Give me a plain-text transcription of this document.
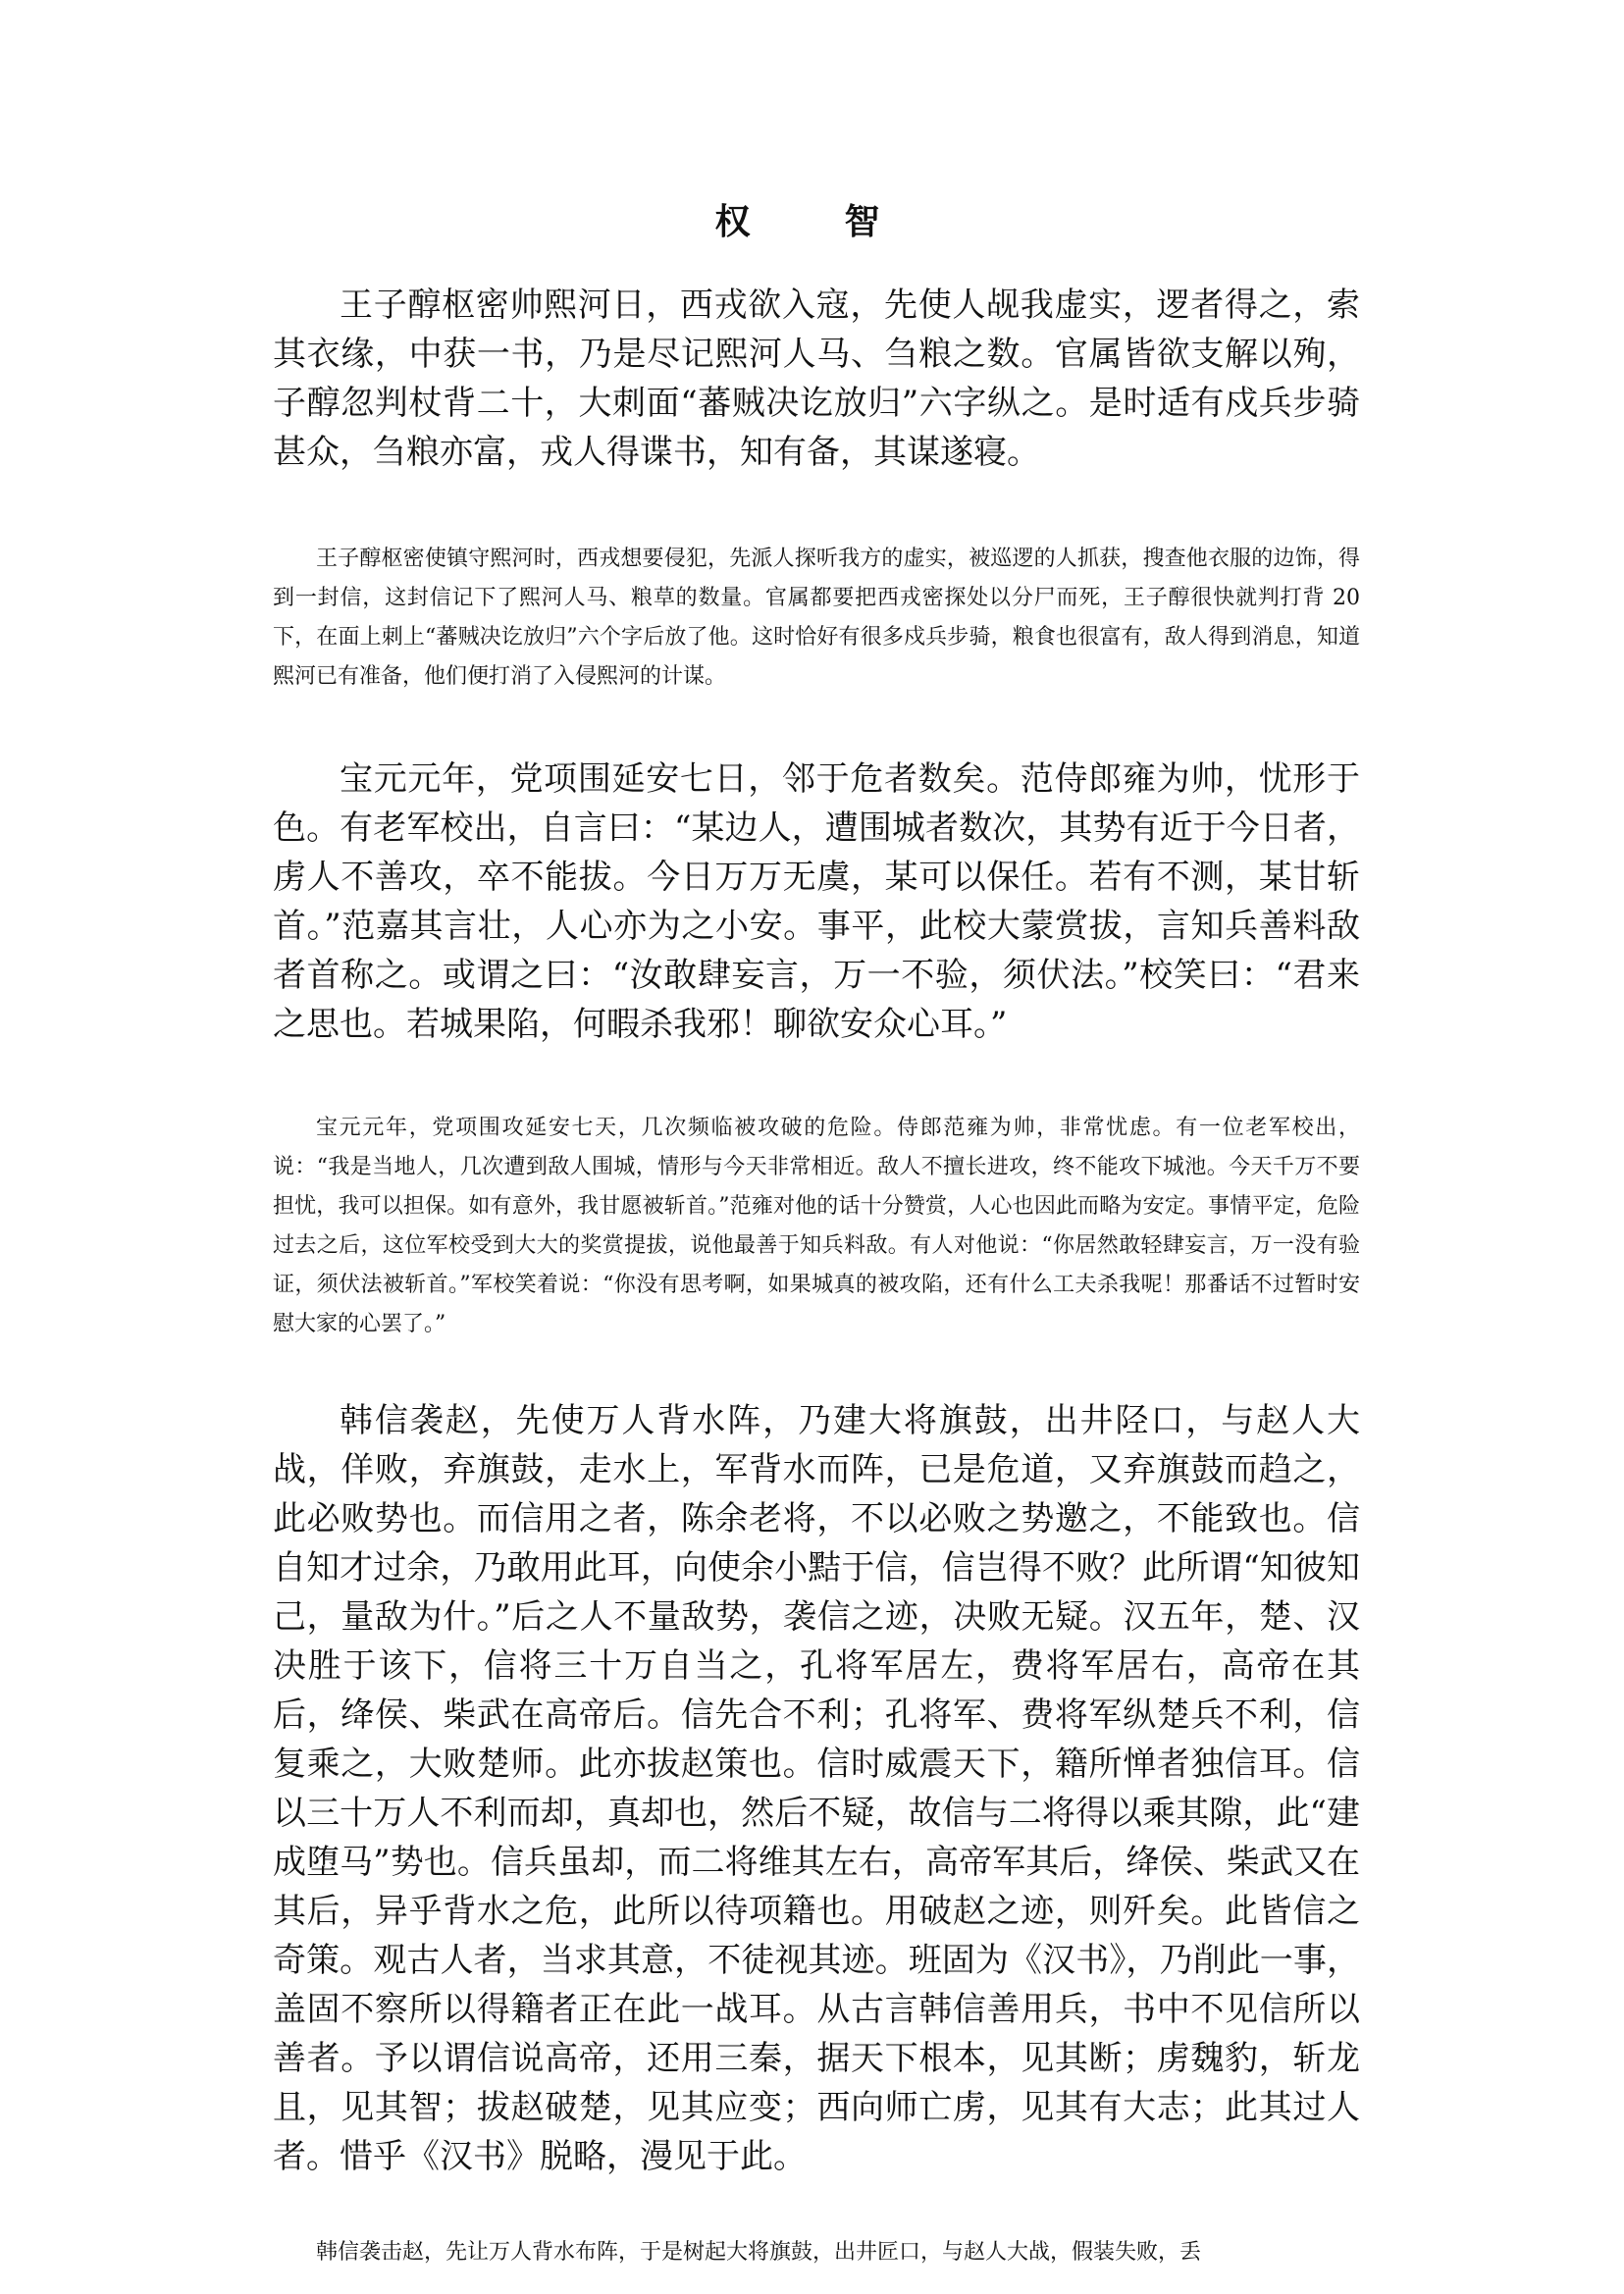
权　智

王子醇枢密帅熙河日，西戎欲入寇，先使人觇我虚实，逻者得之，索其衣缘，中获一书，乃是尽记熙河人马、刍粮之数。官属皆欲支解以殉，子醇忽判杖背二十，大刺面“蕃贼决讫放归”六字纵之。是时适有戍兵步骑甚众，刍粮亦富，戎人得谍书，知有备，其谋遂寝。

王子醇枢密使镇守熙河时，西戎想要侵犯，先派人探听我方的虚实，被巡逻的人抓获，搜查他衣服的边饰，得到一封信，这封信记下了熙河人马、粮草的数量。官属都要把西戎密探处以分尸而死，王子醇很快就判打背 20 下，在面上刺上“蕃贼决讫放归”六个字后放了他。这时恰好有很多戍兵步骑，粮食也很富有，敌人得到消息，知道熙河已有准备，他们便打消了入侵熙河的计谋。

宝元元年，党项围延安七日，邻于危者数矣。范侍郎雍为帅，忧形于色。有老军校出，自言曰：“某边人，遭围城者数次，其势有近于今日者，虏人不善攻，卒不能拔。今日万万无虞，某可以保任。若有不测，某甘斩首。”范嘉其言壮，人心亦为之小安。事平，此校大蒙赏拔，言知兵善料敌者首称之。或谓之曰：“汝敢肆妄言，万一不验，须伏法。”校笑曰：“君来之思也。若城果陷，何暇杀我邪！聊欲安众心耳。”

宝元元年，党项围攻延安七天，几次频临被攻破的危险。侍郎范雍为帅，非常忧虑。有一位老军校出，说：“我是当地人，几次遭到敌人围城，情形与今天非常相近。敌人不擅长进攻，终不能攻下城池。今天千万不要担忧，我可以担保。如有意外，我甘愿被斩首。”范雍对他的话十分赞赏，人心也因此而略为安定。事情平定，危险过去之后，这位军校受到大大的奖赏提拔，说他最善于知兵料敌。有人对他说：“你居然敢轻肆妄言，万一没有验证，须伏法被斩首。”军校笑着说：“你没有思考啊，如果城真的被攻陷，还有什么工夫杀我呢！那番话不过暂时安慰大家的心罢了。”

韩信袭赵，先使万人背水阵，乃建大将旗鼓，出井陉口，与赵人大战，佯败，弃旗鼓，走水上，军背水而阵，已是危道，又弃旗鼓而趋之，此必败势也。而信用之者，陈余老将，不以必败之势邀之，不能致也。信自知才过余，乃敢用此耳，向使余小黠于信，信岂得不败？此所谓“知彼知己，量敌为什。”后之人不量敌势，袭信之迹，决败无疑。汉五年，楚、汉决胜于该下，信将三十万自当之，孔将军居左，费将军居右，高帝在其后，绛侯、柴武在高帝后。信先合不利；孔将军、费将军纵楚兵不利，信复乘之，大败楚师。此亦拔赵策也。信时威震天下，籍所惮者独信耳。信以三十万人不利而却，真却也，然后不疑，故信与二将得以乘其隙，此“建成堕马”势也。信兵虽却，而二将维其左右，高帝军其后，绛侯、柴武又在其后，异乎背水之危，此所以待项籍也。用破赵之迹，则歼矣。此皆信之奇策。观古人者，当求其意，不徒视其迹。班固为《汉书》，乃削此一事，盖固不察所以得籍者正在此一战耳。从古言韩信善用兵，书中不见信所以善者。予以谓信说高帝，还用三秦，据天下根本，见其断；虏魏豹，斩龙且，见其智；拔赵破楚，见其应变；西向师亡虏，见其有大志；此其过人者。惜乎《汉书》脱略，漫见于此。

韩信袭击赵，先让万人背水布阵，于是树起大将旗鼓，出井匠口，与赵人大战，假装失败，丢
